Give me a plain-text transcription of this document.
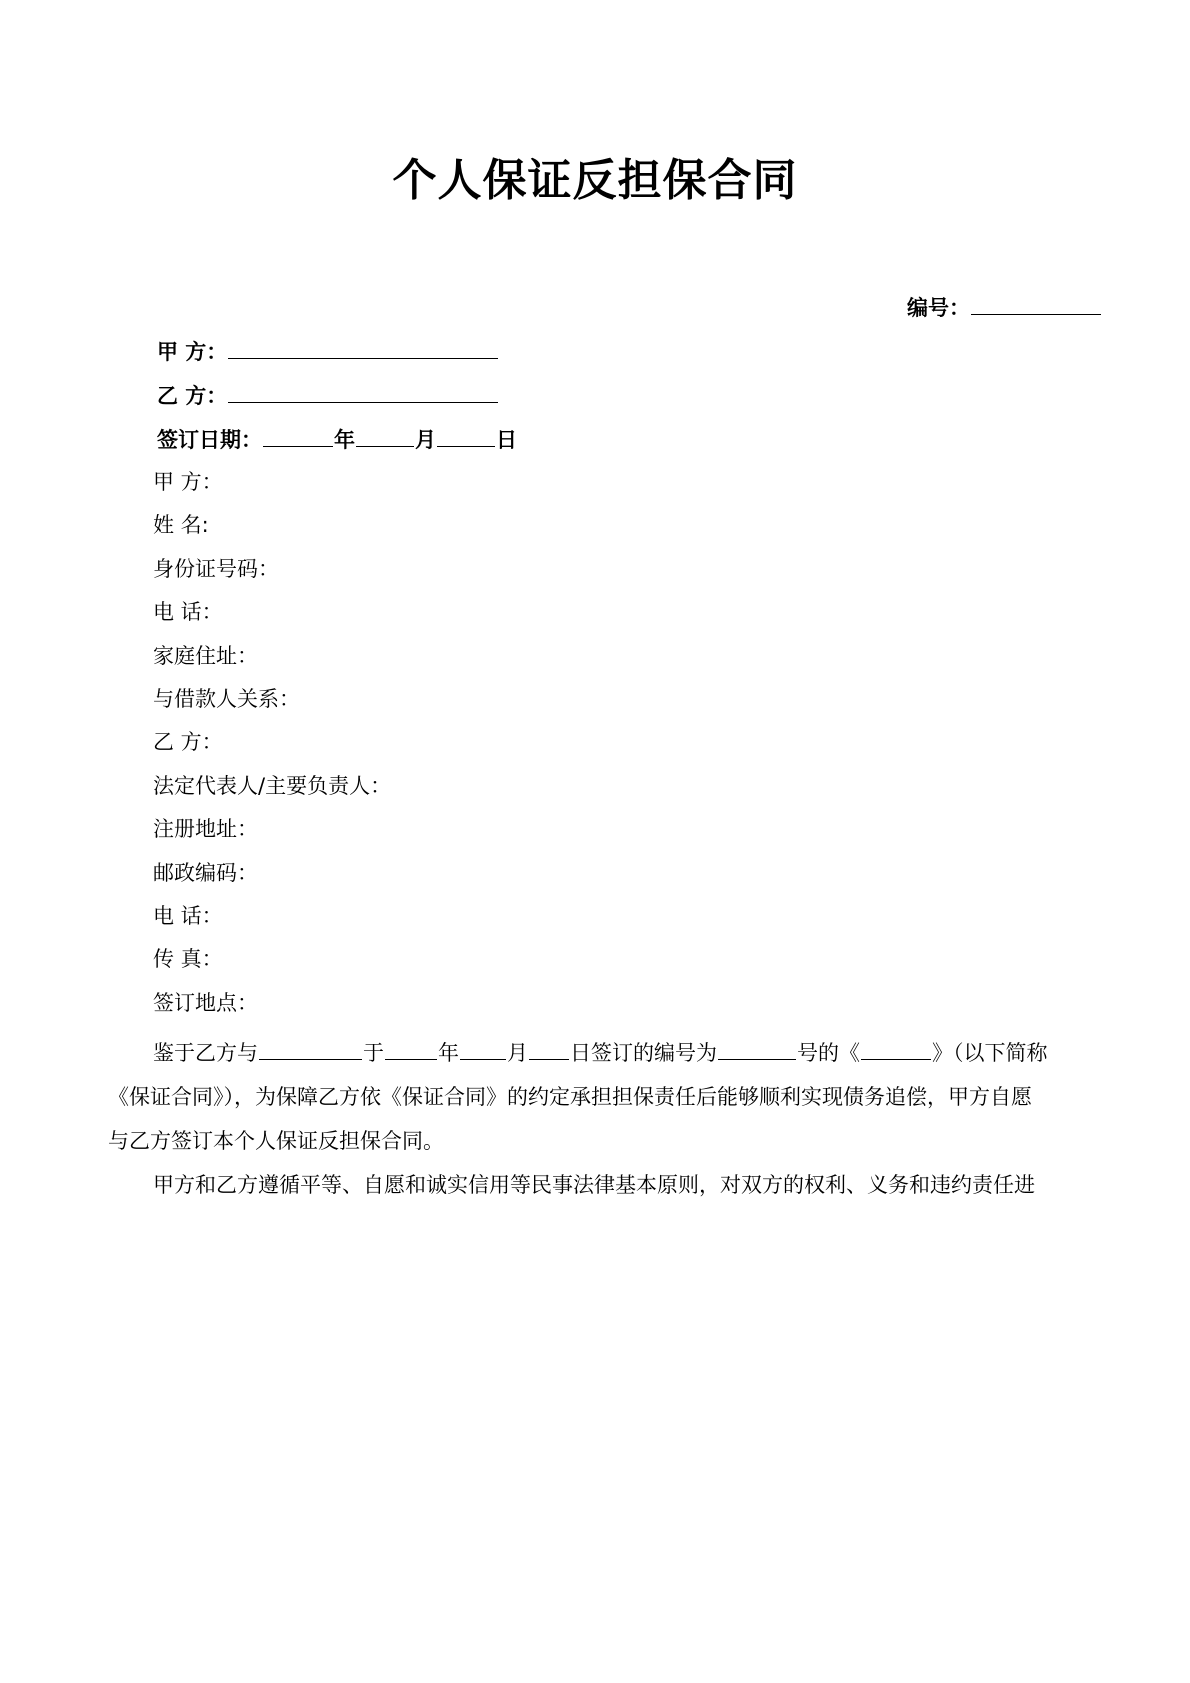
个人保证反担保合同
编号：
甲 方：
乙 方：
签订日期：	年	月	日
甲 方：
姓 名:
身份证号码：
电 话：
家庭住址：
与借款人关系：
乙 方：
法定代表人/主要负责人：
注册地址：
邮政编码：
电 话：
传 真：
签订地点：
鉴于乙方与	于	年 月 日签订的编号为	号的《	》（以下简称
《保证合同》），为保障乙方依《保证合同》的约定承担担保责任后能够顺利实现债务追偿，甲方自愿
与乙方签订本个人保证反担保合同。
甲方和乙方遵循平等、自愿和诚实信用等民事法律基本原则，对双方的权利、义务和违约责任进
